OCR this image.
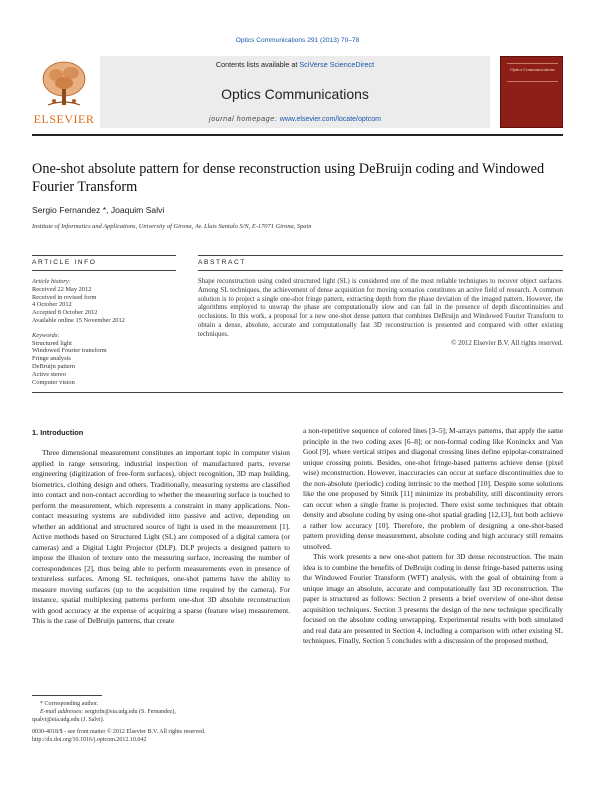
Optics Communications 291 (2013) 70–78
ELSEVIER
Contents lists available at SciVerse ScienceDirect
Optics Communications
journal homepage: www.elsevier.com/locate/optcom
Optics Communications
One-shot absolute pattern for dense reconstruction using DeBruijn coding and Windowed Fourier Transform
Sergio Fernandez *, Joaquim Salvi
Institute of Informatics and Applications, University of Girona, Av. Lluis Santalo S/N, E-17071 Girona, Spain
ARTICLE INFO	ABSTRACT
Article history:
Received 22 May 2012
Received in revised form
4 October 2012
Accepted 8 October 2012
Available online 15 November 2012
Keywords:
Structured light
Windowed Fourier transform
Fringe analysis
DeBruijn pattern
Active stereo
Computer vision
Shape reconstruction using coded structured light (SL) is considered one of the most reliable techniques to recover object surfaces. Among SL techniques, the achievement of dense acquisition for moving scenarios constitutes an active field of research. A common solution is to project a single one-shot fringe pattern, extracting depth from the phase deviation of the imaged pattern. However, the algorithms employed to unwrap the phase are computationally slow and can fail in the presence of depth discontinuities and occlusions. In this work, a proposal for a new one-shot dense pattern that combines DeBruijn and Windowed Fourier Transform to obtain a dense, absolute, accurate and computationally fast 3D reconstruction is presented and compared with other existing techniques.
© 2012 Elsevier B.V. All rights reserved.
1. Introduction

Three dimensional measurement constitutes an important topic in computer vision applied in range sensoring, industrial inspection of manufactured parts, reverse engineering (digitization of free-form surfaces), object recognition, 3D map building, biometrics, clothing design and others. Traditionally, measuring systems are classified into contact and non-contact according to whether the measuring surface is touched to perform the measurement, which represents a constraint in many applications. Non-contact measuring systems are subdivided into passive and active, depending on whether an additional and structured source of light is used in the measurement [1]. Active methods based on Structured Light (SL) are composed of a digital camera (or cameras) and a Digital Light Projector (DLP). DLP projects a designed pattern to impose the illusion of texture onto the measuring surface, increasing the number of correspondences [2], thus being able to perform measurements even in presence of textureless surfaces. Among SL techniques, one-shot patterns have the ability to measure moving surfaces (up to the acquisition time required by the camera). For instance, spatial multiplexing patterns perform one-shot 3D absolute reconstruction with good accuracy at the expense of acquiring a sparse (feature wise) measurement. This is the case of DeBruijn patterns, that create

a non-repetitive sequence of colored lines [3–5]; M-arrays patterns, that apply the same principle in the two coding axes [6–8]; or non-formal coding like Koninckx and Van Gool [9], where vertical stripes and diagonal crossing lines define epipolar-constrained unique crossing points. Besides, one-shot fringe-based patterns achieve dense (pixel wise) reconstruction. However, inaccuracies can occur at surface discontinuities due to the non-absolute (periodic) coding intrinsic to the method [10]. Despite some solutions like the one proposed by Sitnik [11] minimize its probability, still discontinuity errors can occur when a single frame is projected. There exist some techniques that obtain density and absolute coding by using one-shot spatial grading [12,13], but both achieve a rather low accuracy [10]. Therefore, the problem of designing a one-shot-based pattern providing dense measurement, absolute coding and high accuracy still remains unsolved.

This work presents a new one-shot pattern for 3D dense reconstruction. The main idea is to combine the benefits of DeBruijn coding in dense fringe-based patterns using the Windowed Fourier Transform (WFT) analysis, with the goal of obtaining from a unique image an absolute, accurate and computationally fast 3D reconstruction. The paper is structured as follows: Section 2 presents a brief overview of one-shot dense acquisition techniques. Section 3 presents the design of the new technique specifically focused on the absolute coding unwrapping. Experimental results with both simulated and real data are presented in Section 4, including a comparison with other existing SL techniques. Finally, Section 5 concludes with a discussion of the proposed method,

* Corresponding author.
E-mail addresses: sergiofn@eia.udg.edu (S. Fernandez),
qsalvi@eia.udg.edu (J. Salvi).
0030-4018/$ - see front matter © 2012 Elsevier B.V. All rights reserved.
http://dx.doi.org/10.1016/j.optcom.2012.10.042
